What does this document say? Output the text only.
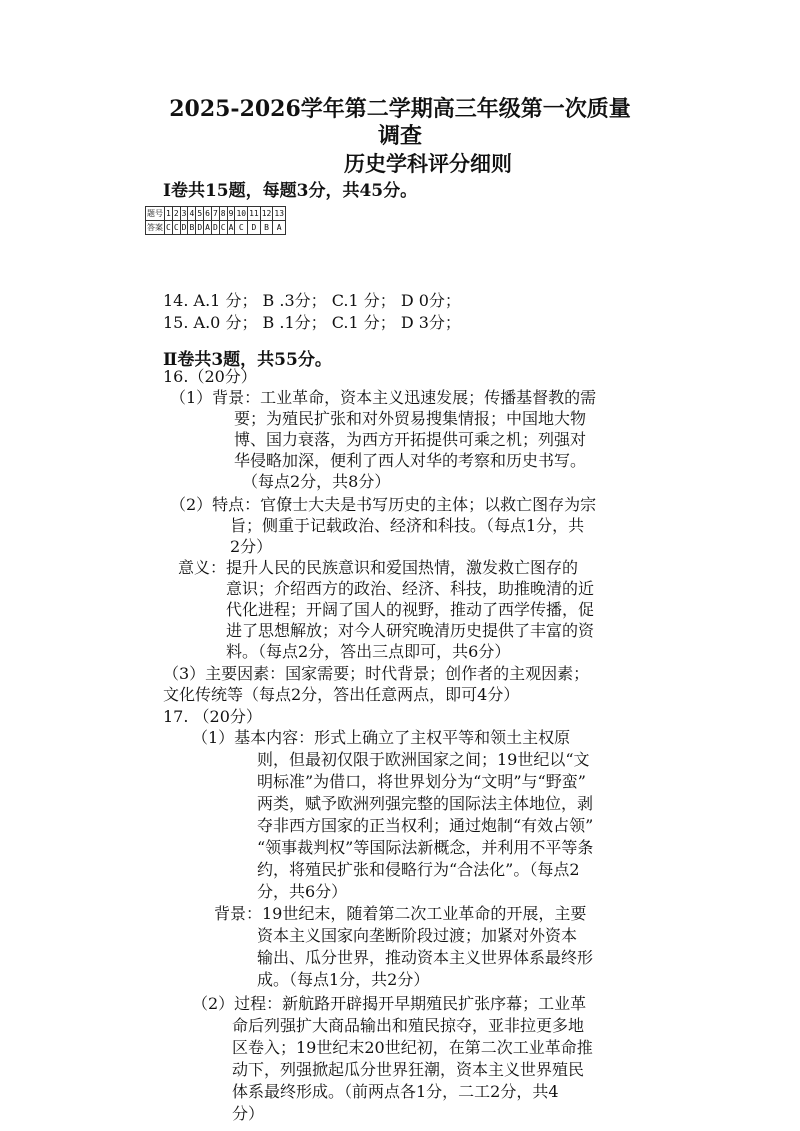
2025-2026学年第二学期高三年级第一次质量
调查
历史学科评分细则
Ⅰ卷共15题，每题3分，共45分。
题号	1	2	3	4	5	6	7	8	9	10	11	12	13
答案	C	C	D	B	D	A	D	C	A	C	D	B	A
14. A.1 分； B .3分； C.1 分； D 0分；
15. A.0 分； B .1分； C.1 分； D 3分；
Ⅱ卷共3题，共55分。
16.（20分）
（1）背景：工业革命，资本主义迅速发展；传播基督教的需
要；为殖民扩张和对外贸易搜集情报；中国地大物
博、国力衰落，为西方开拓提供可乘之机；列强对
华侵略加深，便利了西人对华的考察和历史书写。
（每点2分，共8分）
（2）特点：官僚士大夫是书写历史的主体；以救亡图存为宗
旨；侧重于记载政治、经济和科技。（每点1分，共
2分）
意义：提升人民的民族意识和爱国热情，激发救亡图存的
意识；介绍西方的政治、经济、科技，助推晚清的近
代化进程；开阔了国人的视野，推动了西学传播，促
进了思想解放；对今人研究晚清历史提供了丰富的资
料。（每点2分，答出三点即可，共6分）
（3）主要因素：国家需要；时代背景；创作者的主观因素；
文化传统等（每点2分，答出任意两点，即可4分）
17. （20分）
（1）基本内容：形式上确立了主权平等和领土主权原
则，但最初仅限于欧洲国家之间；19世纪以“文
明标准”为借口，将世界划分为“文明”与“野蛮”
两类，赋予欧洲列强完整的国际法主体地位，剥
夺非西方国家的正当权利；通过炮制“有效占领”
“领事裁判权”等国际法新概念，并利用不平等条
约，将殖民扩张和侵略行为“合法化”。（每点2
分，共6分）
背景：19世纪末，随着第二次工业革命的开展，主要
资本主义国家向垄断阶段过渡；加紧对外资本
输出、瓜分世界，推动资本主义世界体系最终形
成。（每点1分，共2分）
（2）过程：新航路开辟揭开早期殖民扩张序幕；工业革
命后列强扩大商品输出和殖民掠夺，亚非拉更多地
区卷入；19世纪末20世纪初，在第二次工业革命推
动下，列强掀起瓜分世界狂潮，资本主义世界殖民
体系最终形成。（前两点各1分，二工2分，共4
分）
